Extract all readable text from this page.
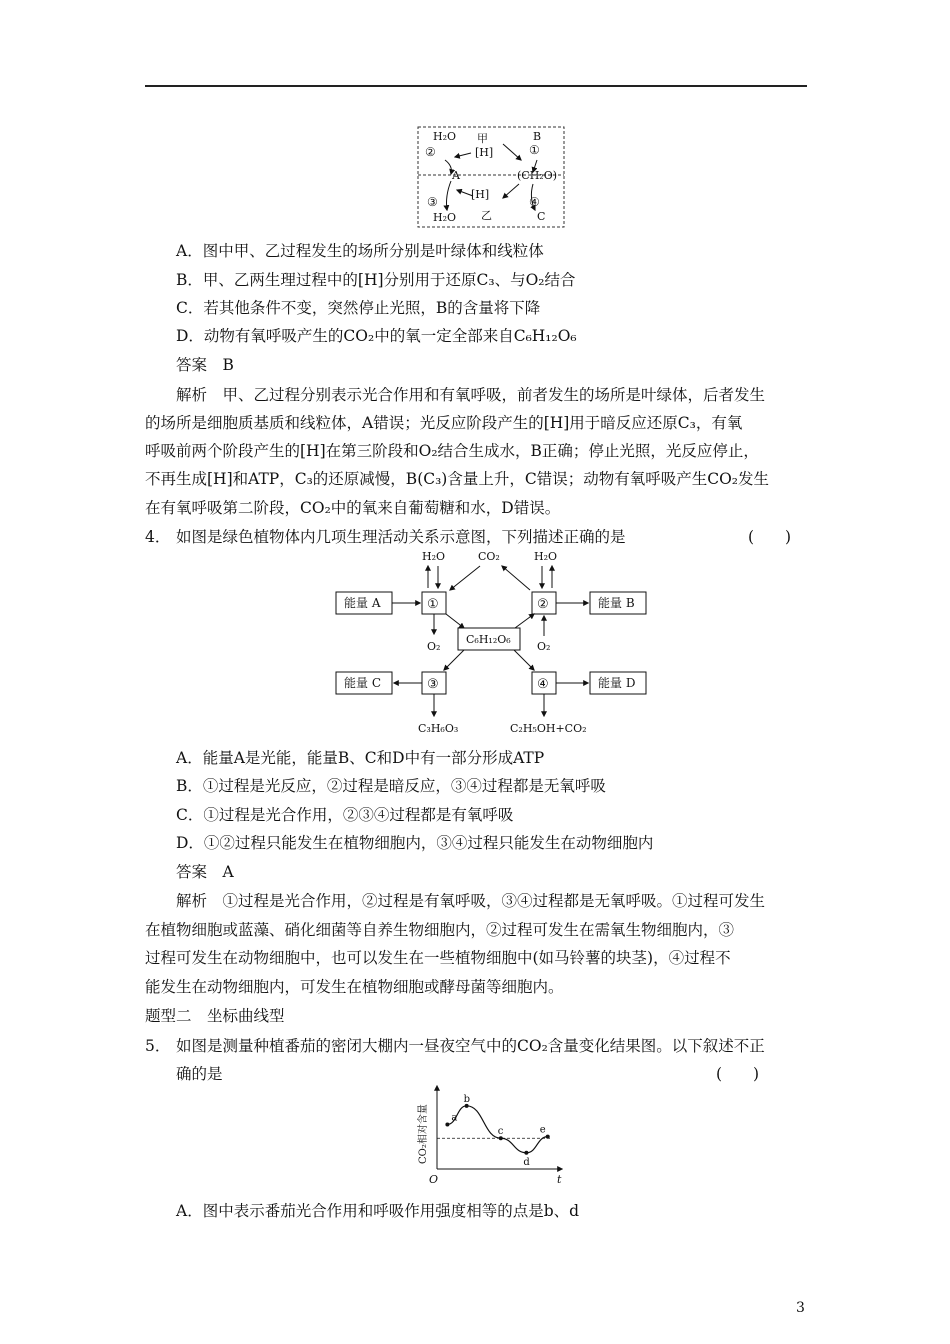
H₂O 甲
[H]
B
②	①
A	(CH₂O)
③
[H]
④
H₂O 乙	C
A．图中甲、乙过程发生的场所分别是叶绿体和线粒体
B．甲、乙两生理过程中的[H]分别用于还原C₃、与O₂结合
C．若其他条件不变，突然停止光照，B的含量将下降
D．动物有氧呼吸产生的CO₂中的氧一定全部来自C₆H₁₂O₆
答案　B
解析　甲、乙过程分别表示光合作用和有氧呼吸，前者发生的场所是叶绿体，后者发生
的场所是细胞质基质和线粒体，A错误；光反应阶段产生的[H]用于暗反应还原C₃，有氧
呼吸前两个阶段产生的[H]在第三阶段和O₂结合生成水，B正确；停止光照，光反应停止，
不再生成[H]和ATP，C₃的还原减慢，B(C₃)含量上升，C错误；动物有氧呼吸产生CO₂发生
在有氧呼吸第二阶段，CO₂中的氧来自葡萄糖和水，D错误。
4． 如图是绿色植物体内几项生理活动关系示意图，下列描述正确的是	(　　)
H₂O	CO₂	H₂O
能量 A	①	②	能量 B
O₂	O₂
C₆H₁₂O₆
能量 C	③	④	能量 D
C₃H₆O₃	C₂H₅OH+CO₂
A．能量A是光能，能量B、C和D中有一部分形成ATP
B．①过程是光反应，②过程是暗反应，③④过程都是无氧呼吸
C．①过程是光合作用，②③④过程都是有氧呼吸
D．①②过程只能发生在植物细胞内，③④过程只能发生在动物细胞内
答案　A
解析　①过程是光合作用，②过程是有氧呼吸，③④过程都是无氧呼吸。①过程可发生
在植物细胞或蓝藻、硝化细菌等自养生物细胞内，②过程可发生在需氧生物细胞内，③
过程可发生在动物细胞中，也可以发生在一些植物细胞中(如马铃薯的块茎)，④过程不
能发生在动物细胞内，可发生在植物细胞或酵母菌等细胞内。
题型二　坐标曲线型
5． 如图是测量种植番茄的密闭大棚内一昼夜空气中的CO₂含量变化结果图。以下叙述不正
确的是	(　　)
CO₂相对含量
t
O
a
b
c
d
e
A．图中表示番茄光合作用和呼吸作用强度相等的点是b、d
3
